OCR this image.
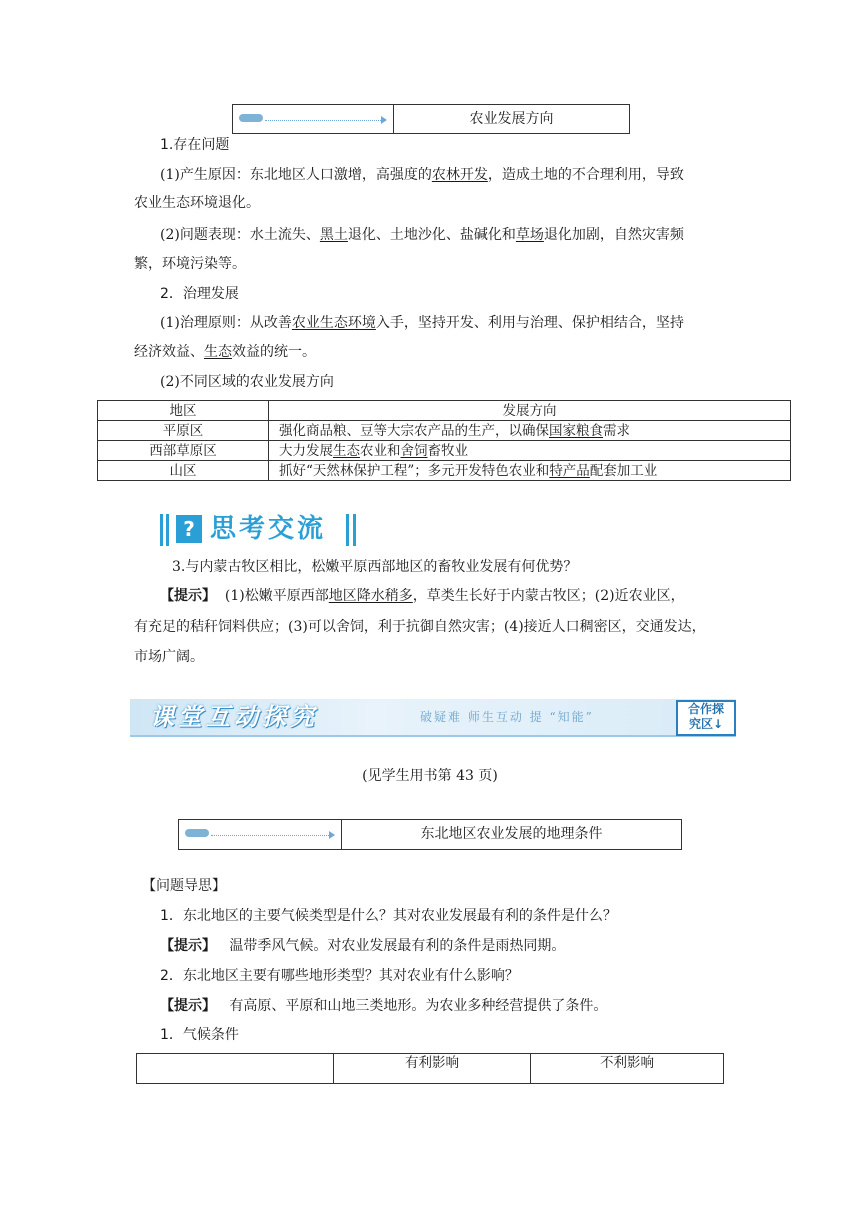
农业发展方向
1.存在问题
(1)产生原因：东北地区人口激增，高强度的农林开发，造成土地的不合理利用，导致
农业生态环境退化。
(2)问题表现：水土流失、黑土退化、土地沙化、盐碱化和草场退化加剧，自然灾害频
繁，环境污染等。
2．治理发展
(1)治理原则：从改善农业生态环境入手，坚持开发、利用与治理、保护相结合，坚持
经济效益、生态效益的统一。
(2)不同区域的农业发展方向
地区	发展方向
平原区	强化商品粮、豆等大宗农产品的生产，以确保国家粮食需求
西部草原区	大力发展生态农业和舍饲畜牧业
山区	抓好“天然林保护工程”；多元开发特色农业和特产品配套加工业
? 思考交流
3.与内蒙古牧区相比，松嫩平原西部地区的畜牧业发展有何优势？
【提示】 (1)松嫩平原西部地区降水稍多，草类生长好于内蒙古牧区；(2)近农业区，
有充足的秸秆饲料供应；(3)可以舍饲，利于抗御自然灾害；(4)接近人口稠密区，交通发达，
市场广阔。
课堂互动探究	破疑难 师生互动 提 “知能”
合作探
究区↓
(见学生用书第 43 页)
东北地区农业发展的地理条件
【问题导思】
1．东北地区的主要气候类型是什么？其对农业发展最有利的条件是什么？
【提示】 温带季风气候。对农业发展最有利的条件是雨热同期。
2．东北地区主要有哪些地形类型？其对农业有什么影响？
【提示】 有高原、平原和山地三类地形。为农业多种经营提供了条件。
1．气候条件
	有利影响	不利影响
